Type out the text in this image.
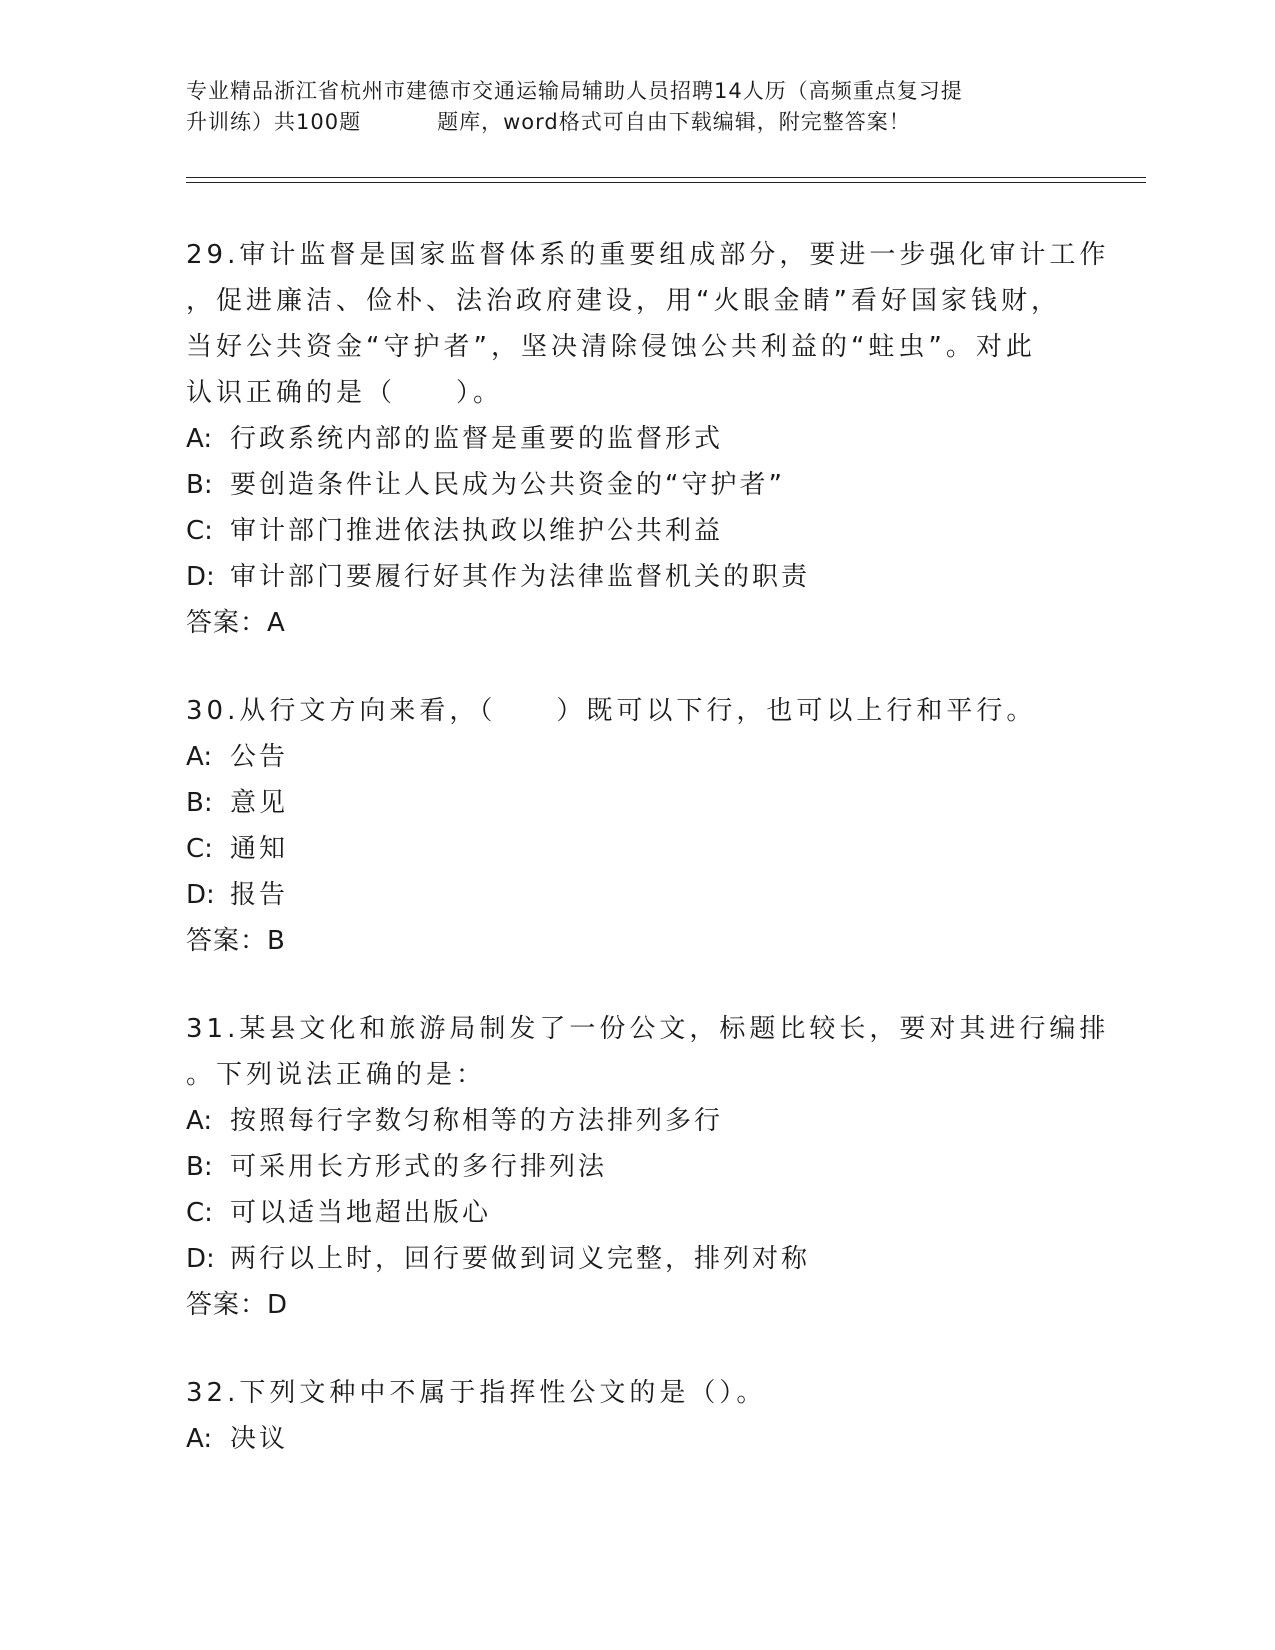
专业精品浙江省杭州市建德市交通运输局辅助人员招聘14人历（高频重点复习提
升训练）共100题	题库，word格式可自由下载编辑，附完整答案！
29.审计监督是国家监督体系的重要组成部分，要进一步强化审计工作
，促进廉洁、俭朴、法治政府建设，用“火眼金睛”看好国家钱财，
当好公共资金“守护者”，坚决清除侵蚀公共利益的“蛀虫”。对此
认识正确的是（　　）。
A: 行政系统内部的监督是重要的监督形式
B: 要创造条件让人民成为公共资金的“守护者”
C: 审计部门推进依法执政以维护公共利益
D: 审计部门要履行好其作为法律监督机关的职责
答案：A
30.从行文方向来看，（　　）既可以下行，也可以上行和平行。
A: 公告
B: 意见
C: 通知
D: 报告
答案：B
31.某县文化和旅游局制发了一份公文，标题比较长，要对其进行编排
。下列说法正确的是：
A: 按照每行字数匀称相等的方法排列多行
B: 可采用长方形式的多行排列法
C: 可以适当地超出版心
D: 两行以上时，回行要做到词义完整，排列对称
答案：D
32.下列文种中不属于指挥性公文的是（）。
A: 决议
